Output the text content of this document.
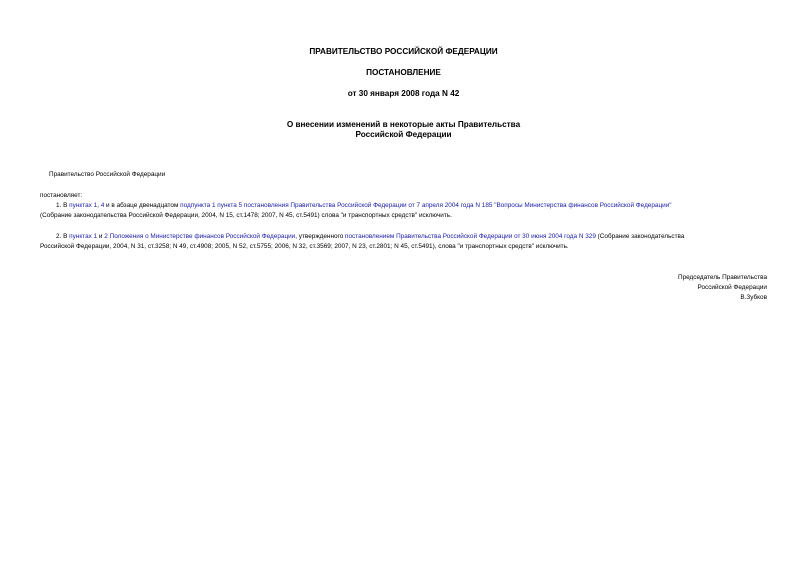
ПРАВИТЕЛЬСТВО РОССИЙСКОЙ ФЕДЕРАЦИИ
ПОСТАНОВЛЕНИЕ
от 30 января 2008 года N 42
О внесении изменений в некоторые акты Правительства
Российской Федерации
Правительство Российской Федерации
постановляет:
1. В пунктах 1, 4 и в абзаце двенадцатом подпункта 1 пункта 5 постановления Правительства Российской Федерации от 7 апреля 2004 года N 185 "Вопросы Министерства финансов Российской Федерации"
(Собрание законодательства Российской Федерации, 2004, N 15, ст.1478; 2007, N 45, ст.5491) слова "и транспортных средств" исключить.
2. В пунктах 1 и 2 Положения о Министерстве финансов Российской Федерации, утвержденного постановлением Правительства Российской Федерации от 30 июня 2004 года N 329 (Собрание законодательства
Российской Федерации, 2004, N 31, ст.3258; N 49, ст.4908; 2005, N 52, ст.5755; 2006, N 32, ст.3569; 2007, N 23, ст.2801; N 45, ст.5491), слова "и транспортных средств" исключить.
Председатель Правительства
Российской Федерации
В.Зубков
